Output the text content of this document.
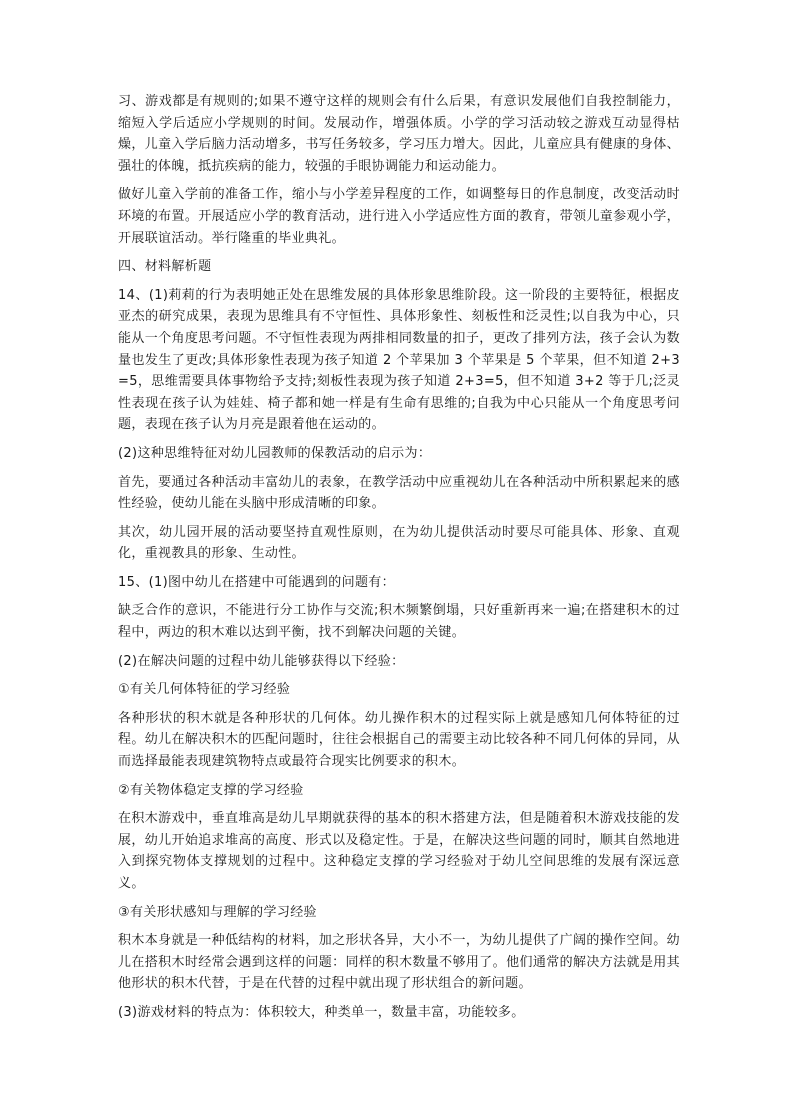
习、游戏都是有规则的;如果不遵守这样的规则会有什么后果，有意识发展他们自我控制能力，缩短入学后适应小学规则的时间。发展动作，增强体质。小学的学习活动较之游戏互动显得枯燥，儿童入学后脑力活动增多，书写任务较多，学习压力增大。因此，儿童应具有健康的身体、强壮的体魄，抵抗疾病的能力，较强的手眼协调能力和运动能力。

做好儿童入学前的准备工作，缩小与小学差异程度的工作，如调整每日的作息制度，改变活动时环境的布置。开展适应小学的教育活动，进行进入小学适应性方面的教育，带领儿童参观小学，开展联谊活动。举行隆重的毕业典礼。

四、材料解析题

14、(1)莉莉的行为表明她正处在思维发展的具体形象思维阶段。这一阶段的主要特征，根据皮亚杰的研究成果，表现为思维具有不守恒性、具体形象性、刻板性和泛灵性;以自我为中心，只能从一个角度思考问题。不守恒性表现为两排相同数量的扣子，更改了排列方法，孩子会认为数量也发生了更改;具体形象性表现为孩子知道 2 个苹果加 3 个苹果是 5 个苹果，但不知道 2+3=5，思维需要具体事物给予支持;刻板性表现为孩子知道 2+3=5，但不知道 3+2 等于几;泛灵性表现在孩子认为娃娃、椅子都和她一样是有生命有思维的;自我为中心只能从一个角度思考问题，表现在孩子认为月亮是跟着他在运动的。

(2)这种思维特征对幼儿园教师的保教活动的启示为：

首先，要通过各种活动丰富幼儿的表象，在教学活动中应重视幼儿在各种活动中所积累起来的感性经验，使幼儿能在头脑中形成清晰的印象。

其次，幼儿园开展的活动要坚持直观性原则，在为幼儿提供活动时要尽可能具体、形象、直观化，重视教具的形象、生动性。

15、(1)图中幼儿在搭建中可能遇到的问题有：

缺乏合作的意识，不能进行分工协作与交流;积木频繁倒塌，只好重新再来一遍;在搭建积木的过程中，两边的积木难以达到平衡，找不到解决问题的关键。

(2)在解决问题的过程中幼儿能够获得以下经验：

①有关几何体特征的学习经验

各种形状的积木就是各种形状的几何体。幼儿操作积木的过程实际上就是感知几何体特征的过程。幼儿在解决积木的匹配问题时，往往会根据自己的需要主动比较各种不同几何体的异同，从而选择最能表现建筑物特点或最符合现实比例要求的积木。

②有关物体稳定支撑的学习经验

在积木游戏中，垂直堆高是幼儿早期就获得的基本的积木搭建方法，但是随着积木游戏技能的发展，幼儿开始追求堆高的高度、形式以及稳定性。于是，在解决这些问题的同时，顺其自然地进入到探究物体支撑规划的过程中。这种稳定支撑的学习经验对于幼儿空间思维的发展有深远意义。

③有关形状感知与理解的学习经验

积木本身就是一种低结构的材料，加之形状各异，大小不一，为幼儿提供了广阔的操作空间。幼儿在搭积木时经常会遇到这样的问题：同样的积木数量不够用了。他们通常的解决方法就是用其他形状的积木代替，于是在代替的过程中就出现了形状组合的新问题。

(3)游戏材料的特点为：体积较大，种类单一，数量丰富，功能较多。
